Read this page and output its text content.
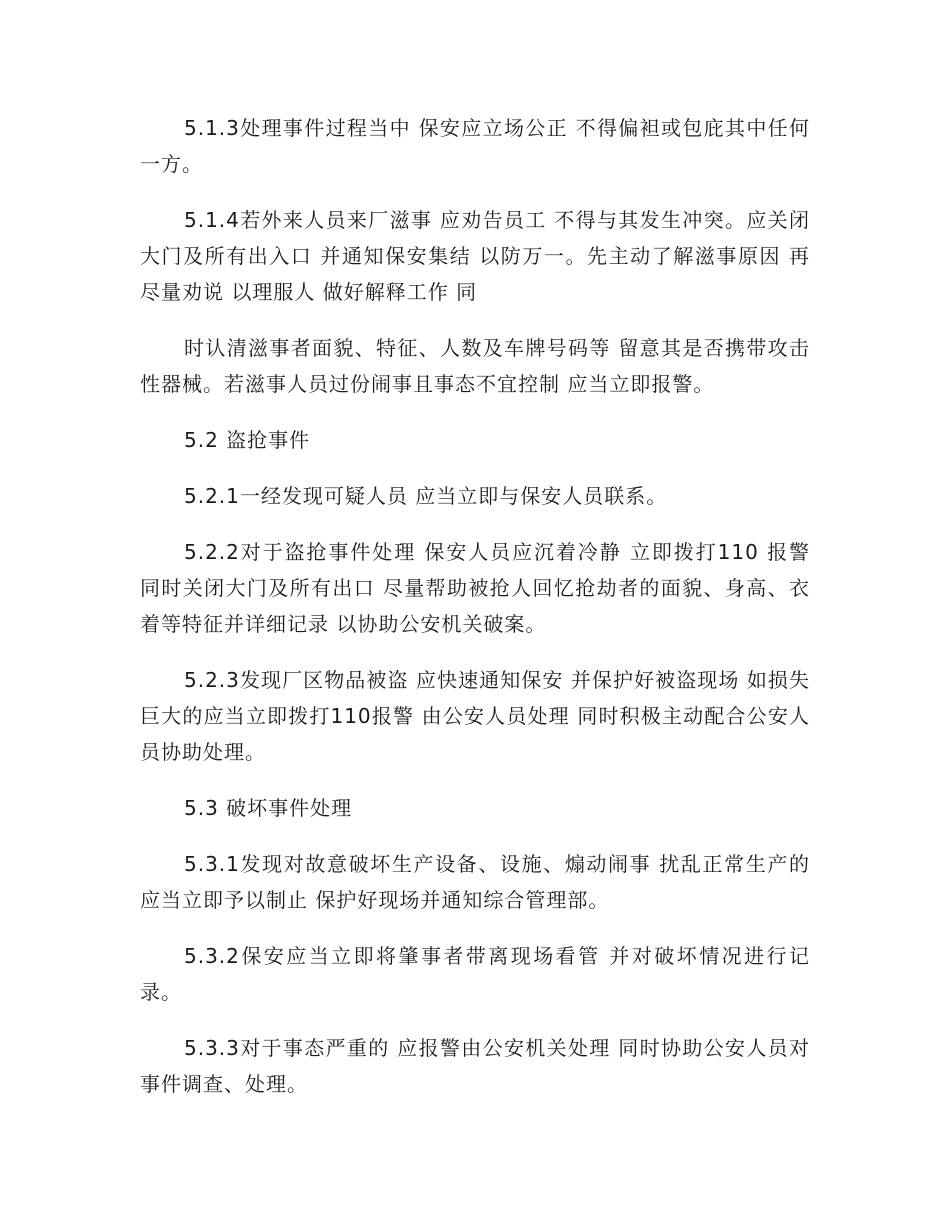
5.1.3处理事件过程当中 保安应立场公正 不得偏袒或包庇其中任何一方。

5.1.4若外来人员来厂滋事 应劝告员工 不得与其发生冲突。应关闭大门及所有出入口 并通知保安集结 以防万一。先主动了解滋事原因 再尽量劝说 以理服人 做好解释工作 同

时认清滋事者面貌、特征、人数及车牌号码等 留意其是否携带攻击性器械。若滋事人员过份闹事且事态不宜控制 应当立即报警。

5.2 盗抢事件

5.2.1一经发现可疑人员 应当立即与保安人员联系。

5.2.2对于盗抢事件处理 保安人员应沉着冷静 立即拨打110 报警 同时关闭大门及所有出口 尽量帮助被抢人回忆抢劫者的面貌、身高、衣着等特征并详细记录 以协助公安机关破案。

5.2.3发现厂区物品被盗 应快速通知保安 并保护好被盗现场 如损失巨大的应当立即拨打110报警 由公安人员处理 同时积极主动配合公安人员协助处理。

5.3 破坏事件处理

5.3.1发现对故意破坏生产设备、设施、煽动闹事 扰乱正常生产的 应当立即予以制止 保护好现场并通知综合管理部。

5.3.2保安应当立即将肇事者带离现场看管 并对破坏情况进行记录。

5.3.3对于事态严重的 应报警由公安机关处理 同时协助公安人员对事件调查、处理。
